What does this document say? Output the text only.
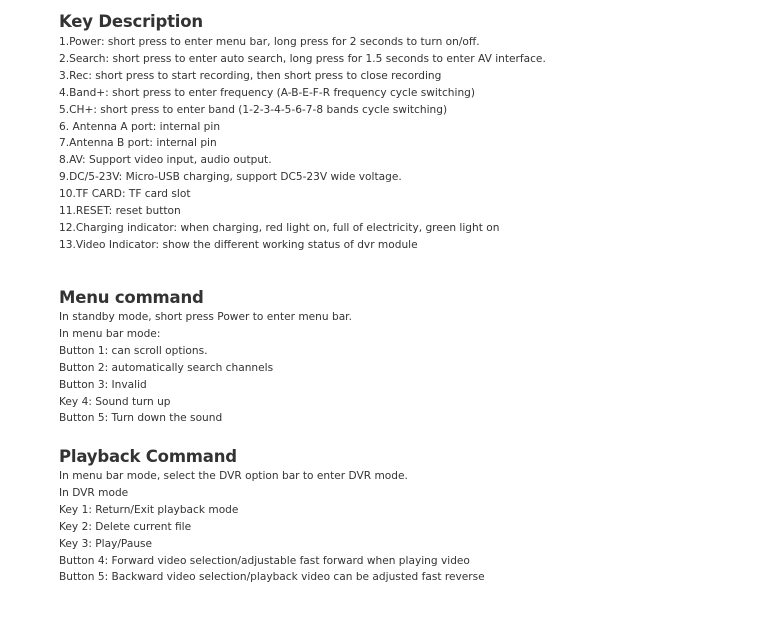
Key Description

1.Power: short press to enter menu bar, long press for 2 seconds to turn on/off.

2.Search: short press to enter auto search, long press for 1.5 seconds to enter AV interface.

3.Rec: short press to start recording, then short press to close recording

4.Band+: short press to enter frequency (A-B-E-F-R frequency cycle switching)

5.CH+: short press to enter band (1-2-3-4-5-6-7-8 bands cycle switching)

6. Antenna A port: internal pin

7.Antenna B port: internal pin

8.AV: Support video input, audio output.

9.DC/5-23V: Micro-USB charging, support DC5-23V wide voltage.

10.TF CARD: TF card slot

11.RESET: reset button

12.Charging indicator: when charging, red light on, full of electricity, green light on

13.Video Indicator: show the different working status of dvr module

Menu command

In standby mode, short press Power to enter menu bar.

In menu bar mode:

Button 1: can scroll options.

Button 2: automatically search channels

Button 3: Invalid

Key 4: Sound turn up

Button 5: Turn down the sound

Playback Command

In menu bar mode, select the DVR option bar to enter DVR mode.

In DVR mode

Key 1: Return/Exit playback mode

Key 2: Delete current file

Key 3: Play/Pause

Button 4: Forward video selection/adjustable fast forward when playing video

Button 5: Backward video selection/playback video can be adjusted fast reverse
